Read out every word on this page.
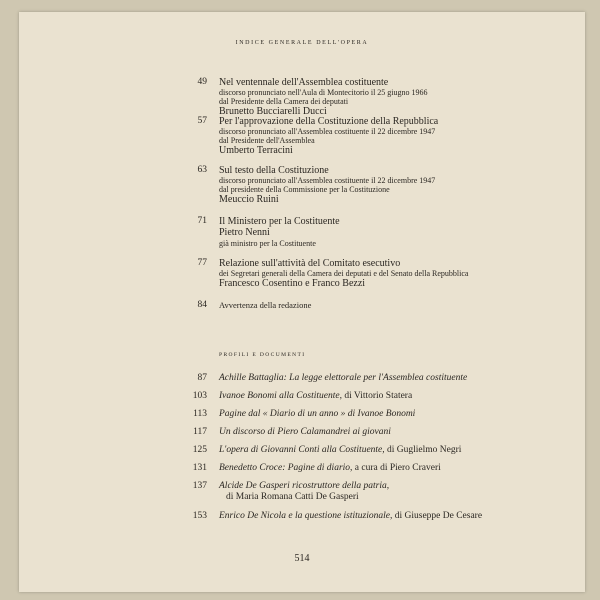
INDICE GENERALE DELL'OPERA
49 Nel ventennale dell'Assemblea costituente
discorso pronunciato nell'Aula di Montecitorio il 25 giugno 1966
dal Presidente della Camera dei deputati
Brunetto Bucciarelli Ducci
57 Per l'approvazione della Costituzione della Repubblica
discorso pronunciato all'Assemblea costituente il 22 dicembre 1947
dal Presidente dell'Assemblea
Umberto Terracini
63 Sul testo della Costituzione
discorso pronunciato all'Assemblea costituente il 22 dicembre 1947
dal presidente della Commissione per la Costituzione
Meuccio Ruini
71 Il Ministero per la Costituente
Pietro Nenni
già ministro per la Costituente
77 Relazione sull'attività del Comitato esecutivo
dei Segretari generali della Camera dei deputati e del Senato della Repubblica
Francesco Cosentino e Franco Bezzi
84 Avvertenza della redazione
PROFILI E DOCUMENTI
87 Achille Battaglia: La legge elettorale per l'Assemblea costituente
103 Ivanoe Bonomi alla Costituente, di Vittorio Statera
113 Pagine dal « Diario di un anno » di Ivanoe Bonomi
117 Un discorso di Piero Calamandrei ai giovani
125 L'opera di Giovanni Conti alla Costituente, di Guglielmo Negri
131 Benedetto Croce: Pagine di diario, a cura di Piero Craveri
137 Alcide De Gasperi ricostruttore della patria,
di Maria Romana Catti De Gasperi
153 Enrico De Nicola e la questione istituzionale, di Giuseppe De Cesare
514
